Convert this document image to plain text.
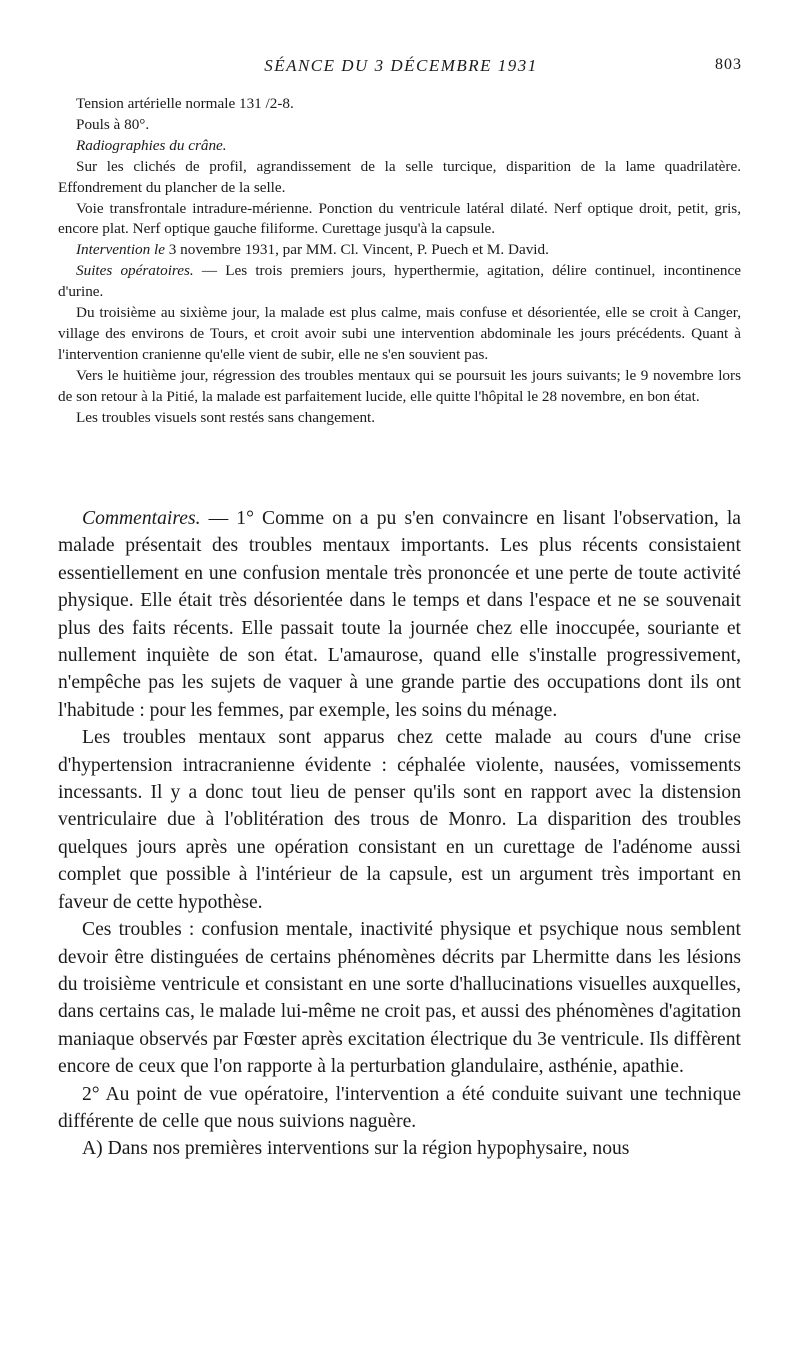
SÉANCE DU 3 DÉCEMBRE 1931	803

Tension artérielle normale 131 /2-8.

Pouls à 80°.

Radiographies du crâne.

Sur les clichés de profil, agrandissement de la selle turcique, disparition de la lame quadrilatère. Effondrement du plancher de la selle.

Voie transfrontale intradure-mérienne. Ponction du ventricule latéral dilaté. Nerf optique droit, petit, gris, encore plat. Nerf optique gauche filiforme. Curettage jusqu'à la capsule.

Intervention le 3 novembre 1931, par MM. Cl. Vincent, P. Puech et M. David.

Suites opératoires. — Les trois premiers jours, hyperthermie, agitation, délire continuel, incontinence d'urine.

Du troisième au sixième jour, la malade est plus calme, mais confuse et désorientée, elle se croit à Canger, village des environs de Tours, et croit avoir subi une intervention abdominale les jours précédents. Quant à l'intervention cranienne qu'elle vient de subir, elle ne s'en souvient pas.

Vers le huitième jour, régression des troubles mentaux qui se poursuit les jours suivants; le 9 novembre lors de son retour à la Pitié, la malade est parfaitement lucide, elle quitte l'hôpital le 28 novembre, en bon état.

Les troubles visuels sont restés sans changement.

Commentaires. — 1° Comme on a pu s'en convaincre en lisant l'observation, la malade présentait des troubles mentaux importants. Les plus récents consistaient essentiellement en une confusion mentale très prononcée et une perte de toute activité physique. Elle était très désorientée dans le temps et dans l'espace et ne se souvenait plus des faits récents. Elle passait toute la journée chez elle inoccupée, souriante et nullement inquiète de son état. L'amaurose, quand elle s'installe progressivement, n'empêche pas les sujets de vaquer à une grande partie des occupations dont ils ont l'habitude : pour les femmes, par exemple, les soins du ménage.

Les troubles mentaux sont apparus chez cette malade au cours d'une crise d'hypertension intracranienne évidente : céphalée violente, nausées, vomissements incessants. Il y a donc tout lieu de penser qu'ils sont en rapport avec la distension ventriculaire due à l'oblitération des trous de Monro. La disparition des troubles quelques jours après une opération consistant en un curettage de l'adénome aussi complet que possible à l'intérieur de la capsule, est un argument très important en faveur de cette hypothèse.

Ces troubles : confusion mentale, inactivité physique et psychique nous semblent devoir être distinguées de certains phénomènes décrits par Lhermitte dans les lésions du troisième ventricule et consistant en une sorte d'hallucinations visuelles auxquelles, dans certains cas, le malade lui-même ne croit pas, et aussi des phénomènes d'agitation maniaque observés par Fœster après excitation électrique du 3e ventricule. Ils diffèrent encore de ceux que l'on rapporte à la perturbation glandulaire, asthénie, apathie.

2° Au point de vue opératoire, l'intervention a été conduite suivant une technique différente de celle que nous suivions naguère.

A) Dans nos premières interventions sur la région hypophysaire, nous
